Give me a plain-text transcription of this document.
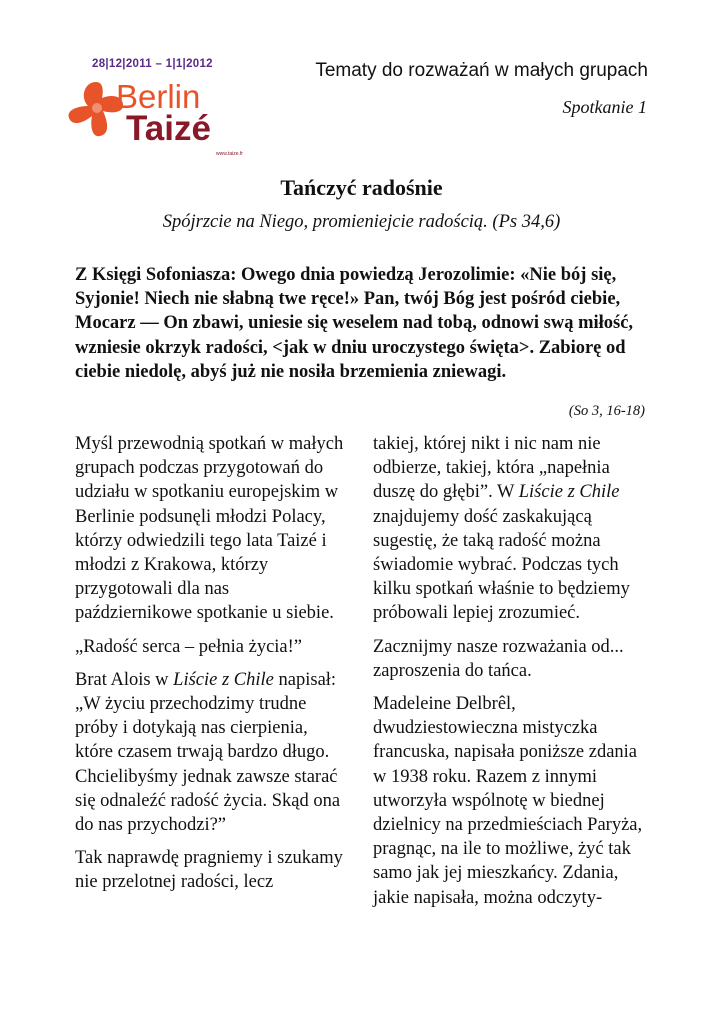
28|12|2011 – 1|1|2012
Berlin
Taizé
www.taize.fr
Tematy do rozważań w małych grupach
Spotkanie 1
Tańczyć radośnie
Spójrzcie na Niego, promieniejcie radością. (Ps 34,6)
Z Księgi Sofoniasza: Owego dnia powiedzą Jerozolimie: «Nie bój się, Syjonie! Niech nie słabną twe ręce!» Pan, twój Bóg jest pośród ciebie, Mocarz — On zbawi, uniesie się weselem nad tobą, odnowi swą miłość, wzniesie okrzyk radości, <jak w dniu uroczystego święta>. Zabiorę od ciebie niedolę, abyś już nie nosiła brzemienia zniewagi.
(So 3, 16-18)

Myśl przewodnią spotkań w małych grupach podczas przygotowań do udziału w spotkaniu europejskim w Berlinie podsunęli młodzi Polacy, którzy odwiedzili tego lata Taizé i młodzi z Krakowa, którzy przygotowali dla nas październikowe spotkanie u siebie.

„Radość serca – pełnia życia!”

Brat Alois w Liście z Chile napisał: „W życiu przechodzimy trudne próby i dotykają nas cierpienia, które czasem trwają bardzo długo. Chcielibyśmy jednak zawsze starać się odnaleźć radość życia. Skąd ona do nas przychodzi?”

Tak naprawdę pragniemy i szukamy nie przelotnej radości, lecz

takiej, której nikt i nic nam nie odbierze, takiej, która „napełnia duszę do głębi”. W Liście z Chile znajdujemy dość zaskakującą sugestię, że taką radość można świadomie wybrać. Podczas tych kilku spotkań właśnie to będziemy próbowali lepiej zrozumieć.

Zacznijmy nasze rozważania od... zaproszenia do tańca.

Madeleine Delbrêl, dwudziestowieczna mistyczka francuska, napisała poniższe zdania w 1938 roku. Razem z innymi utworzyła wspólnotę w biednej dzielnicy na przedmieściach Paryża, pragnąc, na ile to możliwe, żyć tak samo jak jej mieszkańcy. Zdania, jakie napisała, można odczyty-
